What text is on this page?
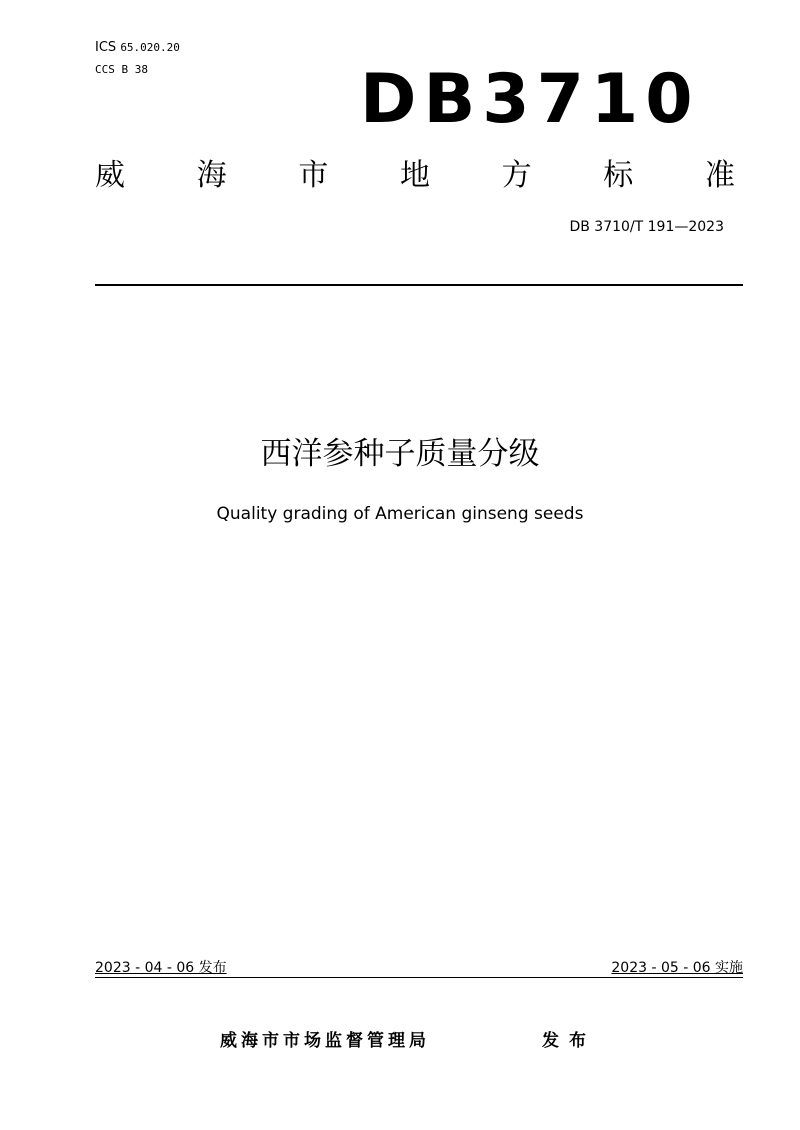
ICS 65.020.20
CCS B 38	DB3710
威 海 市 地 方 标 准
DB 3710/T 191—2023
西洋参种子质量分级
Quality grading of American ginseng seeds
2023 - 04 - 06 发布	2023 - 05 - 06 实施
威海市市场监督管理局	发布
